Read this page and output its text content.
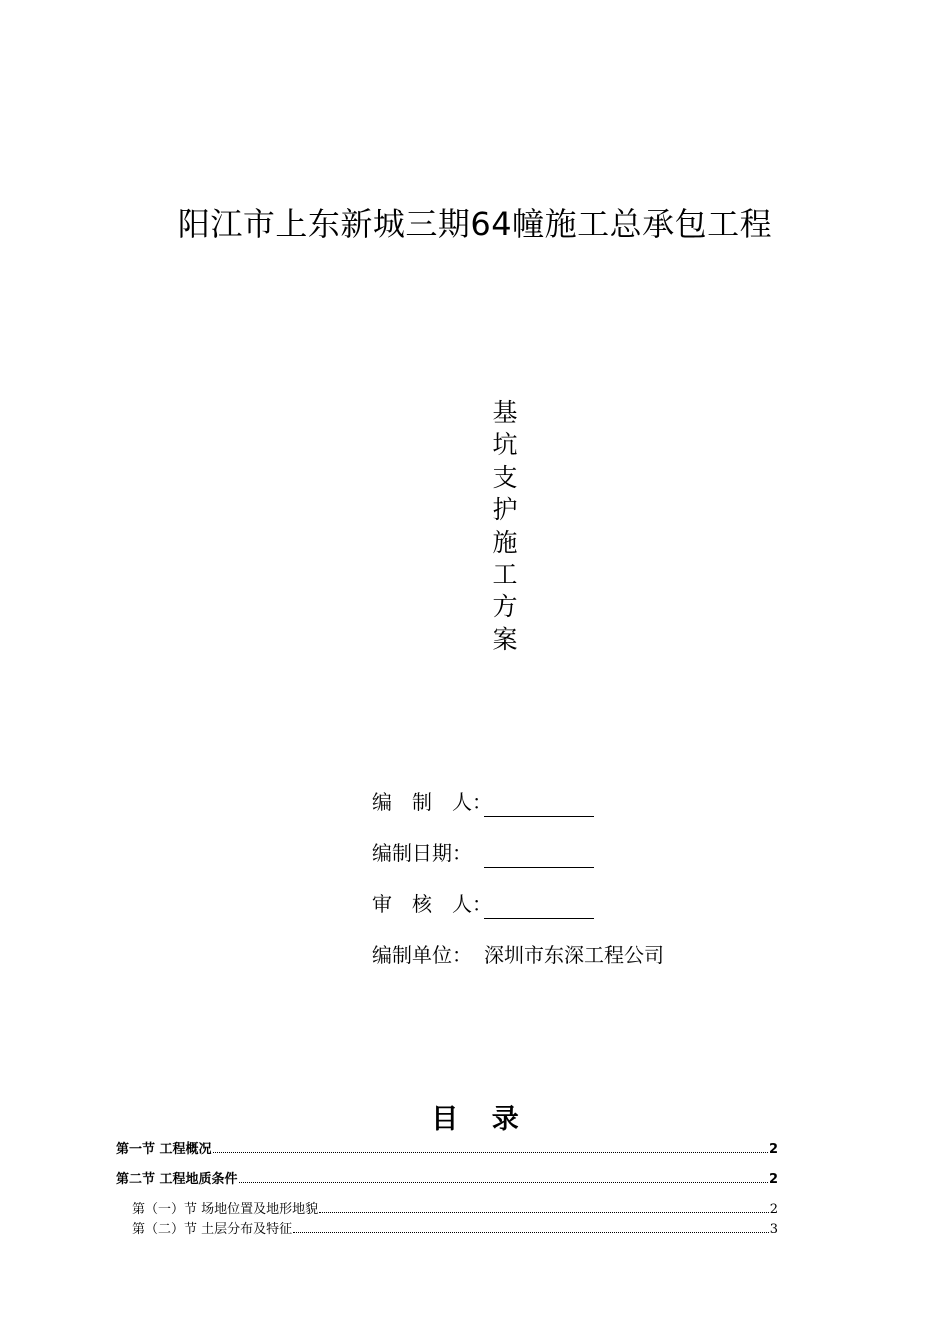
阳江市上东新城三期64幢施工总承包工程
基
坑
支
护
施
工
方
案
编　制　人：
编制日期：
审　核　人：
编制单位： 深圳市东深工程公司
目 录
第一节 工程概况	2
第二节 工程地质条件	2
第（一）节 场地位置及地形地貌	2
第（二）节 土层分布及特征	3
